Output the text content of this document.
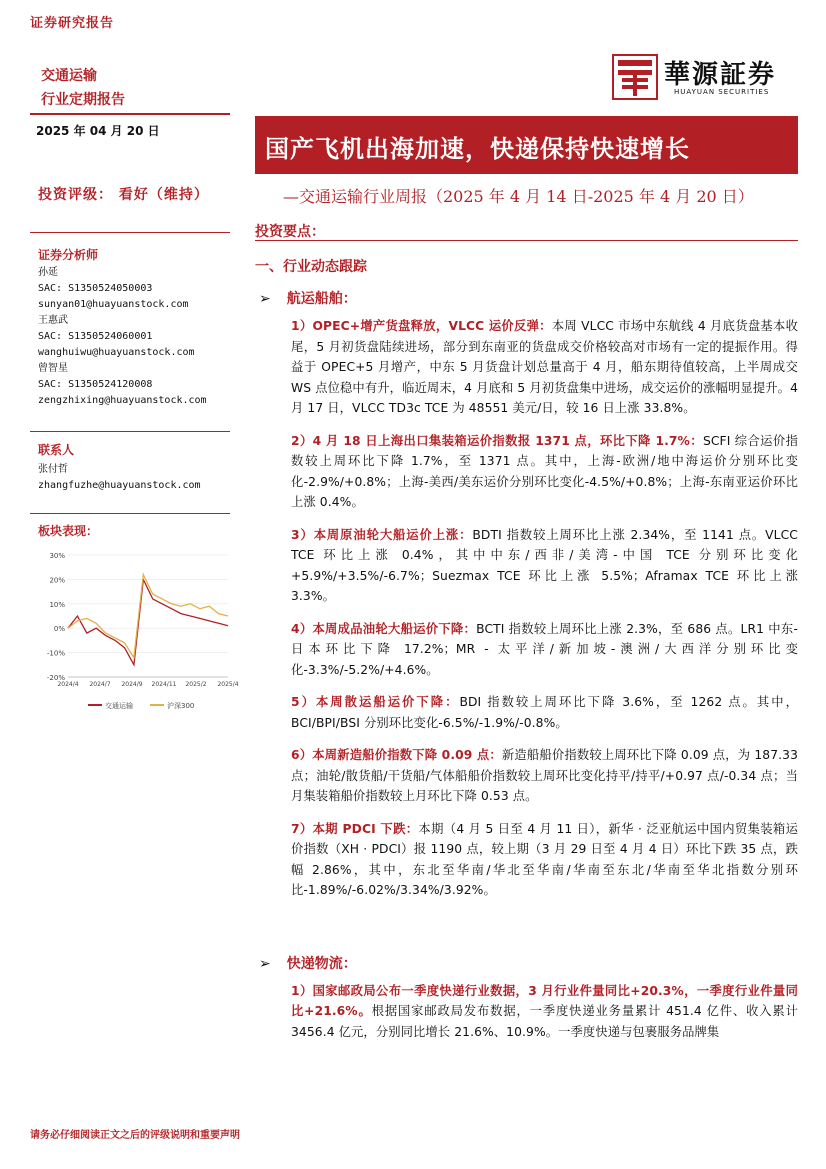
证券研究报告
交通运输
行业定期报告
2025 年 04 月 20 日
華源証券
HUAYUAN SECURITIES
国产飞机出海加速，快递保持快速增长
—交通运输行业周报（2025 年 4 月 14 日-2025 年 4 月 20 日）
投资评级： 看好（维持）
投资要点：
证券分析师
孙延
SAC: S1350524050003
sunyan01@huayuanstock.com
王惠武
SAC: S1350524060001
wanghuiwu@huayuanstock.com
曾智星
SAC: S1350524120008
zengzhixing@huayuanstock.com
联系人
张付哲
zhangfuzhe@huayuanstock.com
板块表现：
30%
20%
10%
0%
-10%
-20%
2024/4 2024/7 2024/9 2024/11 2025/2 2025/4
交通运输	沪深300
一、行业动态跟踪
➢ 航运船舶：

1）OPEC+增产货盘释放，VLCC 运价反弹：本周 VLCC 市场中东航线 4 月底货盘基本收尾，5 月初货盘陆续进场，部分到东南亚的货盘成交价格较高对市场有一定的提振作用。得益于 OPEC+5 月增产，中东 5 月货盘计划总量高于 4 月，船东期待值较高，上半周成交 WS 点位稳中有升，临近周末，4 月底和 5 月初货盘集中进场，成交运价的涨幅明显提升。4 月 17 日，VLCC TD3c TCE 为 48551 美元/日，较 16 日上涨 33.8%。

2）4 月 18 日上海出口集装箱运价指数报 1371 点，环比下降 1.7%：SCFI 综合运价指数较上周环比下降 1.7%，至 1371 点。其中，上海-欧洲/地中海运价分别环比变化-2.9%/+0.8%；上海-美西/美东运价分别环比变化-4.5%/+0.8%；上海-东南亚运价环比上涨 0.4%。

3）本周原油轮大船运价上涨：BDTI 指数较上周环比上涨 2.34%，至 1141 点。VLCC TCE 环比上涨 0.4%，其中中东/西非/美湾-中国 TCE 分别环比变化+5.9%/+3.5%/-6.7%；Suezmax TCE 环比上涨 5.5%；Aframax TCE 环比上涨 3.3%。

4）本周成品油轮大船运价下降：BCTI 指数较上周环比上涨 2.3%，至 686 点。LR1 中东-日本环比下降 17.2%；MR - 太平洋/新加坡-澳洲/大西洋分别环比变化-3.3%/-5.2%/+4.6%。

5）本周散运船运价下降：BDI 指数较上周环比下降 3.6%，至 1262 点。其中，BCI/BPI/BSI 分别环比变化-6.5%/-1.9%/-0.8%。

6）本周新造船价指数下降 0.09 点：新造船船价指数较上周环比下降 0.09 点，为 187.33 点；油轮/散货船/干货船/气体船船价指数较上周环比变化持平/持平/+0.97 点/-0.34 点；当月集装箱船价指数较上月环比下降 0.53 点。

7）本期 PDCI 下跌：本期（4 月 5 日至 4 月 11 日），新华 · 泛亚航运中国内贸集装箱运价指数（XH · PDCI）报 1190 点，较上期（3 月 29 日至 4 月 4 日）环比下跌 35 点，跌幅 2.86%，其中，东北至华南/华北至华南/华南至东北/华南至华北指数分别环比-1.89%/-6.02%/3.34%/3.92%。

➢ 快递物流：

1）国家邮政局公布一季度快递行业数据，3 月行业件量同比+20.3%，一季度行业件量同比+21.6%。根据国家邮政局发布数据，一季度快递业务量累计 451.4 亿件、收入累计 3456.4 亿元，分别同比增长 21.6%、10.9%。一季度快递与包裹服务品牌集

请务必仔细阅读正文之后的评级说明和重要声明
